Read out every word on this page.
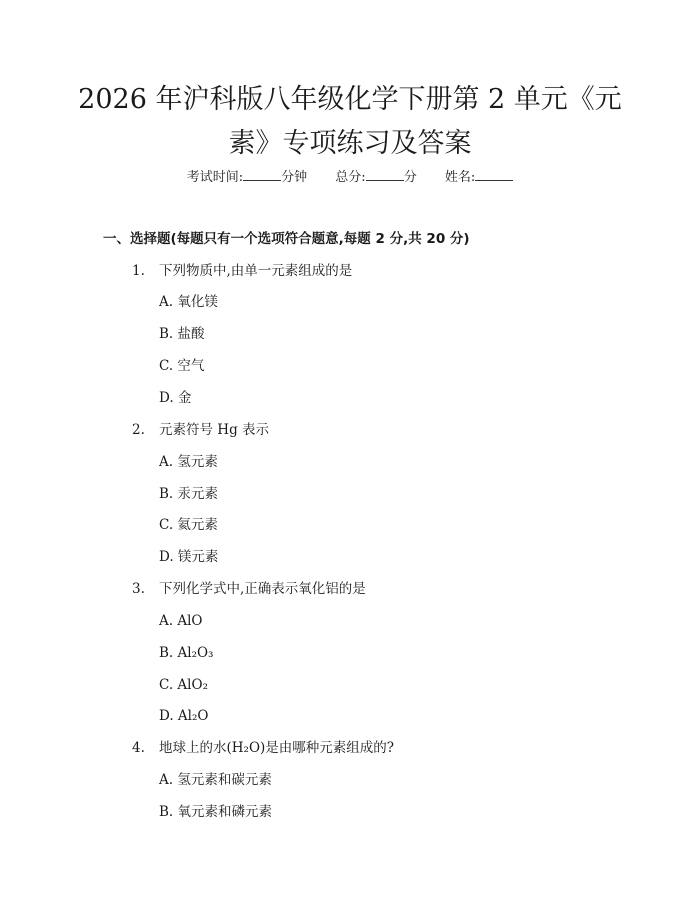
2026 年沪科版八年级化学下册第 2 单元《元
素》专项练习及答案
考试时间:	分钟 总分:	分 姓名:
一、选择题(每题只有一个选项符合题意,每题 2 分,共 20 分)
1. 下列物质中,由单一元素组成的是
A. 氧化镁
B. 盐酸
C. 空气
D. 金
2. 元素符号 Hg 表示
A. 氢元素
B. 汞元素
C. 氦元素
D. 镁元素
3. 下列化学式中,正确表示氧化铝的是
A. AlO
B. Al₂O₃
C. AlO₂
D. Al₂O
4. 地球上的水(H₂O)是由哪种元素组成的?
A. 氢元素和碳元素
B. 氧元素和磷元素
